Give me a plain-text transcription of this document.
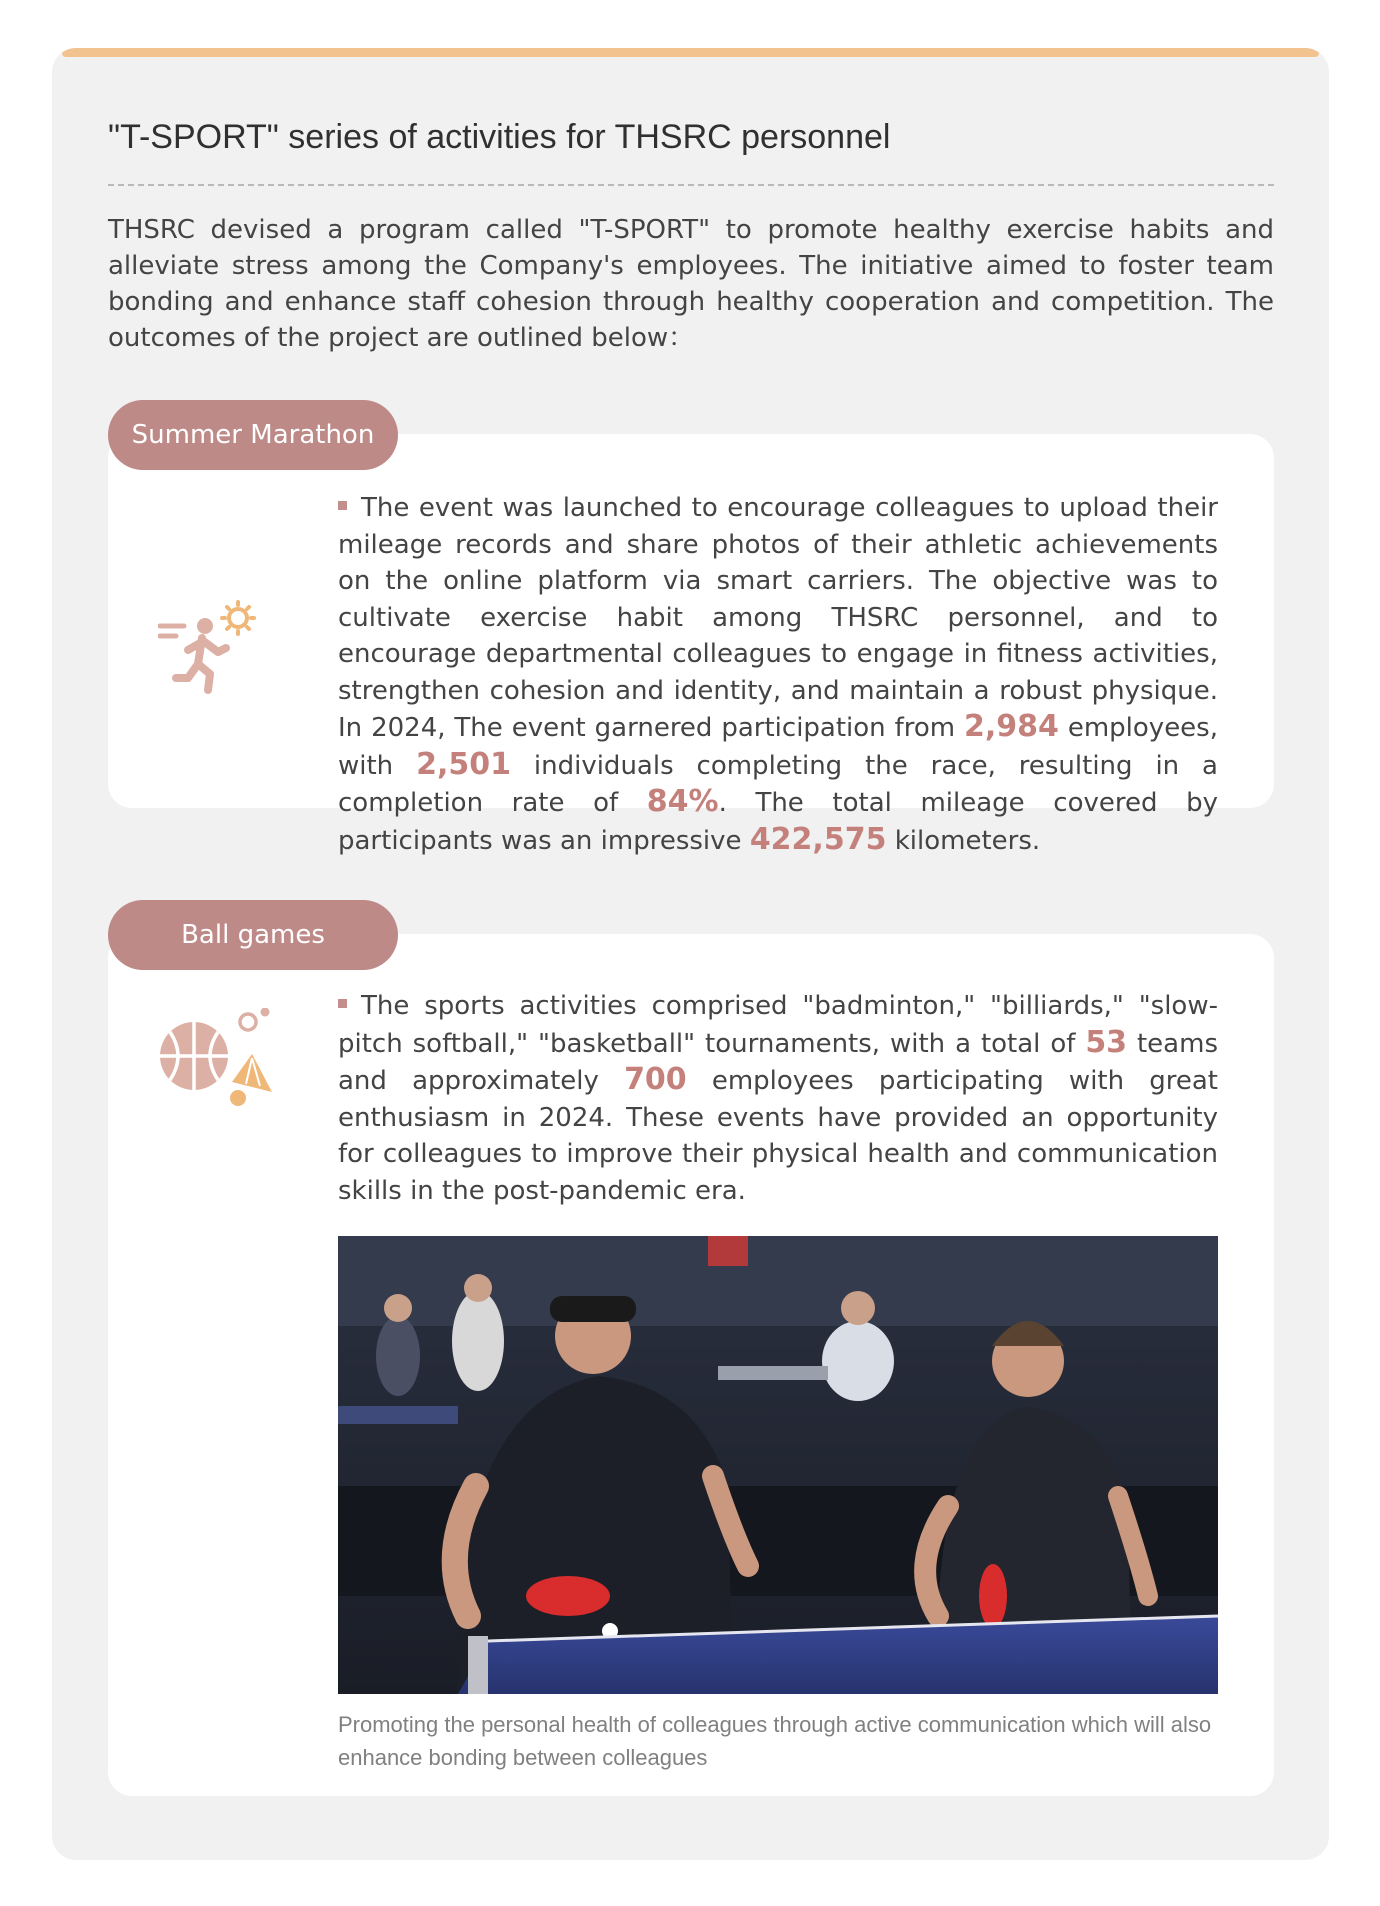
"T-SPORT" series of activities for THSRC personnel

THSRC devised a program called "T-SPORT" to promote healthy exercise habits and alleviate stress among the Company's employees. The initiative aimed to foster team bonding and enhance staff cohesion through healthy cooperation and competition. The outcomes of the project are outlined below：

Summer Marathon

The event was launched to encourage colleagues to upload their mileage records and share photos of their athletic achievements on the online platform via smart carriers. The objective was to cultivate exercise habit among THSRC personnel, and to encourage departmental colleagues to engage in fitness activities, strengthen cohesion and identity, and maintain a robust physique. In 2024, The event garnered participation from 2,984 employees, with 2,501 individuals completing the race, resulting in a completion rate of 84%. The total mileage covered by participants was an impressive 422,575 kilometers.

Ball games

The sports activities comprised "badminton," "billiards," "slow-pitch softball," "basketball" tournaments, with a total of 53 teams and approximately 700 employees participating with great enthusiasm in 2024. These events have provided an opportunity for colleagues to improve their physical health and communication skills in the post-pandemic era.

Promoting the personal health of colleagues through active communication which will also enhance bonding between colleagues
